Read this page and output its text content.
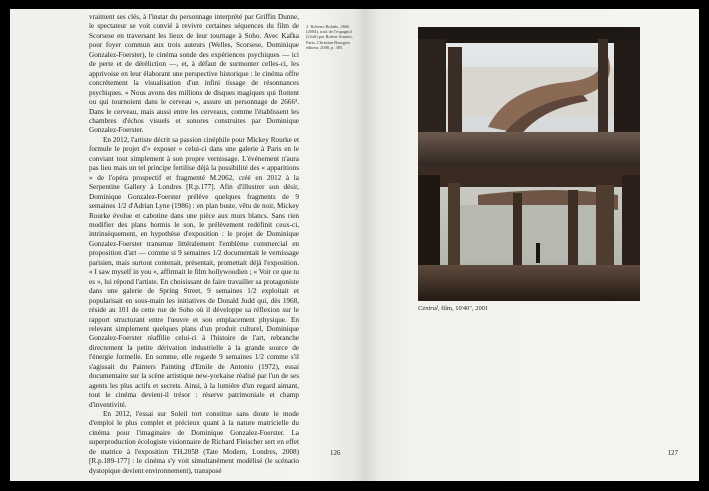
vraiment ses clés, à l'instar du personnage interprété par Griffin Dunne, le spectateur se voit convié à revivre certaines séquences du film de Scorsese en traversant les lieux de leur tournage à Soho. Avec Kafka pour foyer commun aux trois auteurs (Welles, Scorsese, Dominique Gonzalez-Foerster), le cinéma sonde des expériences psychiques — ici de perte et de déréliction —, et, à défaut de surmonter celles-ci, les apprivoise en leur élaborant une perspective historique : le cinéma offre concrètement la visualisation d'un infini tissage de résonnances psychiques. « Nous avons des millions de disques magiques qui flottent ou qui tournoient dans le cerveau », assure un personnage de 2666³. Dans le cerveau, mais aussi entre les cerveaux, comme l'établissent les chambres d'échos visuels et sonores construites par Dominique Gonzalez-Foerster.

En 2012, l'artiste décrit sa passion cinéphile pour Mickey Rourke et formule le projet d'« exposer » celui-ci dans une galerie à Paris en le conviant tout simplement à son propre vernissage. L'événement n'aura pas lieu mais un tel principe fertilise déjà la possibilité des « apparitions » de l'opéra prospectif et fragmenté M.2062, créé en 2012 à la Serpentine Gallery à Londres [R.p.177]. Afin d'illustrer son désir, Dominique Gonzalez-Foerster prélève quelques fragments de 9 semaines 1/2 d'Adrian Lyne (1986) : en plan buste, vêtu de noir, Mickey Rourke évolue et cabotine dans une pièce aux murs blancs. Sans rien modifier des plans hormis le son, le prélèvement redéfinit ceux-ci, intrinsèquement, en hypothèse d'exposition : le projet de Dominique Gonzalez-Foerster transmue littéralement l'emblème commercial en proposition d'art — comme si 9 semaines 1/2 documentait le vernissage parisien, mais surtout contenait, présentait, promettait déjà l'exposition. « I saw myself in you », affirmait le film hollywoodien ; « Voir ce que tu es », lui répond l'artiste. En choisissant de faire travailler sa protagoniste dans une galerie de Spring Street, 9 semaines 1/2 exploitait et popularisait en sous-main les initiatives de Donald Judd qui, dès 1968, réside au 101 de cette rue de Soho où il développe sa réflexion sur le rapport structurant entre l'œuvre et son emplacement physique. En relevant simplement quelques plans d'un produit culturel, Dominique Gonzalez-Foerster réaffilie celui-ci à l'histoire de l'art, rebranche directement la petite dérivation industrielle à la grande source de l'énergie formelle. En somme, elle regarde 9 semaines 1/2 comme s'il s'agissait du Painters Painting d'Emile de Antonio (1972), essai documentaire sur la scène artistique new-yorkaise réalisé par l'un de ses agents les plus actifs et secrets. Ainsi, à la lumière d'un regard aimant, tout le cinéma devient-il trésor : réserve patrimoniale et champ d'inventivité.

En 2012, l'essai sur Soleil tort constitue sans doute le mode d'emploi le plus complet et précieux quant à la nature matricielle du cinéma pour l'imaginaire de Dominique Gonzalez-Foerster. La superproduction écologiste visionnaire de Richard Fleischer sert en effet de matrice à l'exposition TH.2058 (Tate Modern, Londres, 2008) [R.p.189-177] : le cinéma s'y voit simultanément modélisé (le scénario dystopique devient environnement), transposé

3. Roberto Bolaño, 2666 (2004), trad. de l'espagnol (Chili) par Robert Amutio, Paris, Christian Bourgois éditeur, 2008, p. 385.
126
Central, film, 10'40", 2001
127
